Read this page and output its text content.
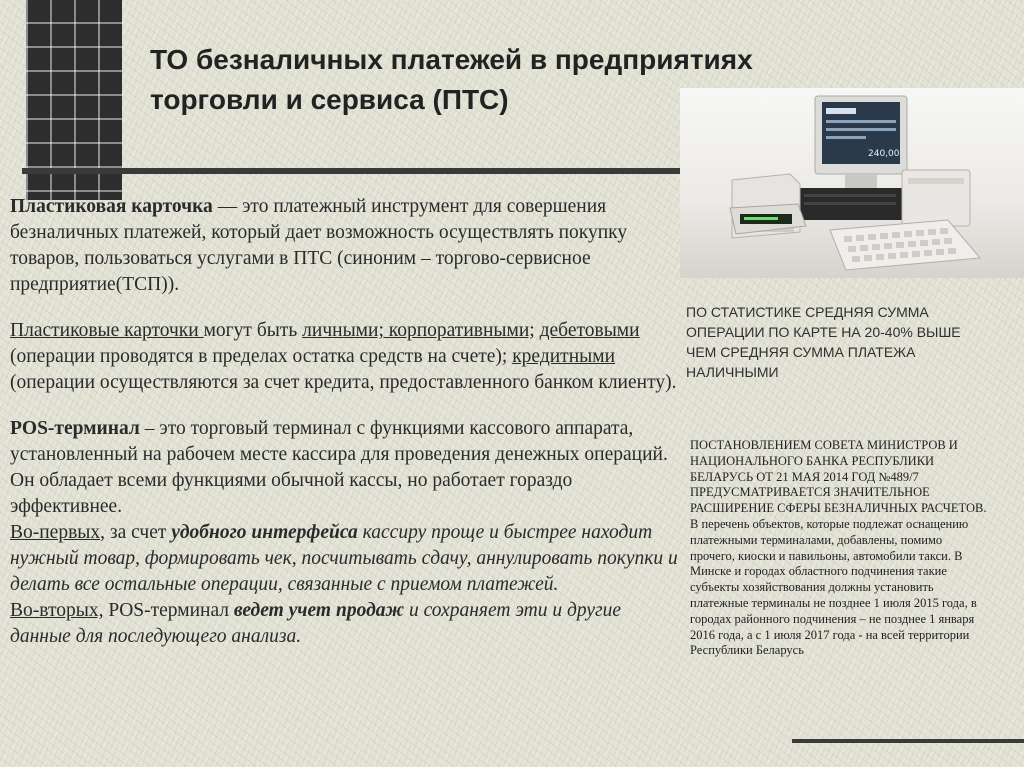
ТО безналичных платежей в предприятиях торговли и сервиса (ПТС)
240,00

Пластиковая карточка — это платежный инструмент для совершения безналичных платежей, который дает возможность осуществлять покупку товаров, пользоваться услугами в ПТС (синоним – торгово-сервисное предприятие(ТСП)).

Пластиковые карточки могут быть личными; корпоративными; дебетовыми (операции проводятся в пределах остатка средств на счете); кредитными (операции осуществляются за счет кредита, предоставленного банком клиенту).

POS-терминал – это торговый терминал с функциями кассового аппарата, установленный на рабочем месте кассира для проведения денежных операций. Он обладает всеми функциями обычной кассы, но работает гораздо эффективнее.

Во-первых, за счет удобного интерфейса кассиру проще и быстрее находит нужный товар, формировать чек, посчитывать сдачу, аннулировать покупки и делать все остальные операции, связанные с приемом платежей.

Во-вторых, POS-терминал ведет учет продаж и сохраняет эти и другие данные для последующего анализа.

ПО СТАТИСТИКЕ СРЕДНЯЯ СУММА ОПЕРАЦИИ ПО КАРТЕ НА 20-40% ВЫШЕ ЧЕМ СРЕДНЯЯ СУММА ПЛАТЕЖА НАЛИЧНЫМИ
ПОСТАНОВЛЕНИЕМ СОВЕТА МИНИСТРОВ И НАЦИОНАЛЬНОГО БАНКА РЕСПУБЛИКИ БЕЛАРУСЬ ОТ 21 МАЯ 2014 ГОД №489/7 ПРЕДУСМАТРИВАЕТСЯ ЗНАЧИТЕЛЬНОЕ РАСШИРЕНИЕ СФЕРЫ БЕЗНАЛИЧНЫХ РАСЧЕТОВ.
В перечень объектов, которые подлежат оснащению платежными терминалами, добавлены, помимо прочего, киоски и павильоны, автомобили такси. В Минске и городах областного подчинения такие субъекты хозяйствования должны установить платежные терминалы не позднее 1 июля 2015 года, в городах районного подчинения – не позднее 1 января 2016 года, а с 1 июля 2017 года - на всей территории Республики Беларусь
